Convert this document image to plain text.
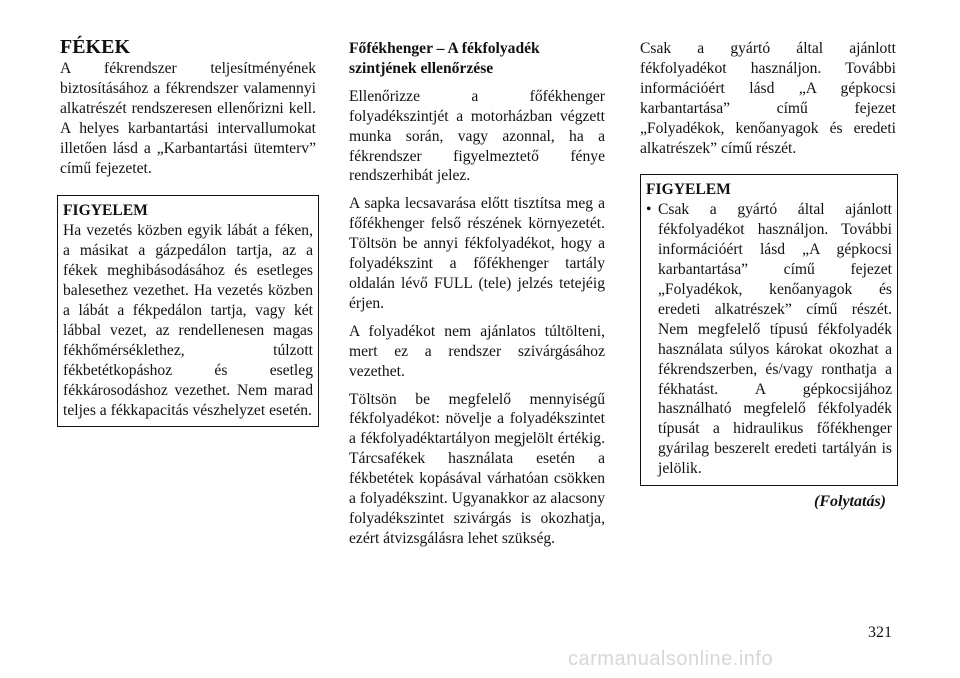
FÉKEK

A fékrendszer teljesítményének biztosításához a fékrendszer valamennyi alkatrészét rendszeresen ellenőrizni kell. A helyes karbantartási intervallumokat illetően lásd a „Karbantartási ütemterv” című fejezetet.

FIGYELEM

Ha vezetés közben egyik lábát a féken, a másikat a gázpedálon tartja, az a fékek meghibásodásához és esetleges balesethez vezethet. Ha vezetés közben a lábát a fékpedálon tartja, vagy két lábbal vezet, az rendellenesen magas fékhőmérséklethez, túlzott fékbetétkopáshoz és esetleg fékkárosodáshoz vezethet. Nem marad teljes a fékkapacitás vészhelyzet esetén.

Főfékhenger – A fékfolyadék
szintjének ellenőrzése

Ellenőrizze a főfékhenger folyadékszintjét a motorházban végzett munka során, vagy azonnal, ha a fékrendszer figyelmeztető fénye rendszerhibát jelez.

A sapka lecsavarása előtt tisztítsa meg a főfékhenger felső részének környezetét. Töltsön be annyi fékfolyadékot, hogy a folyadékszint a főfékhenger tartály oldalán lévő FULL (tele) jelzés tetejéig érjen.

A folyadékot nem ajánlatos túltölteni, mert ez a rendszer szivárgásához vezethet.

Töltsön be megfelelő mennyiségű fékfolyadékot: növelje a folyadékszintet a fékfolyadéktartályon megjelölt értékig. Tárcsafékek használata esetén a fékbetétek kopásával várhatóan csökken a folyadékszint. Ugyanakkor az alacsony folyadékszintet szivárgás is okozhatja, ezért átvizsgálásra lehet szükség.

Csak a gyártó által ajánlott fékfolyadékot használjon. További információért lásd „A gépkocsi karbantartása” című fejezet „Folyadékok, kenőanyagok és eredeti alkatrészek” című részét.

FIGYELEM
• Csak a gyártó által ajánlott fékfolyadékot használjon. További információért lásd „A gépkocsi karbantartása” című fejezet „Folyadékok, kenőanyagok és eredeti alkatrészek” című részét. Nem megfelelő típusú fékfolyadék használata súlyos károkat okozhat a fékrendszerben, és/vagy ronthatja a fékhatást. A gépkocsijához használható megfelelő fékfolyadék típusát a hidraulikus főfékhenger gyárilag beszerelt eredeti tartályán is jelölik.
(Folytatás)
321
carmanualsonline.info
